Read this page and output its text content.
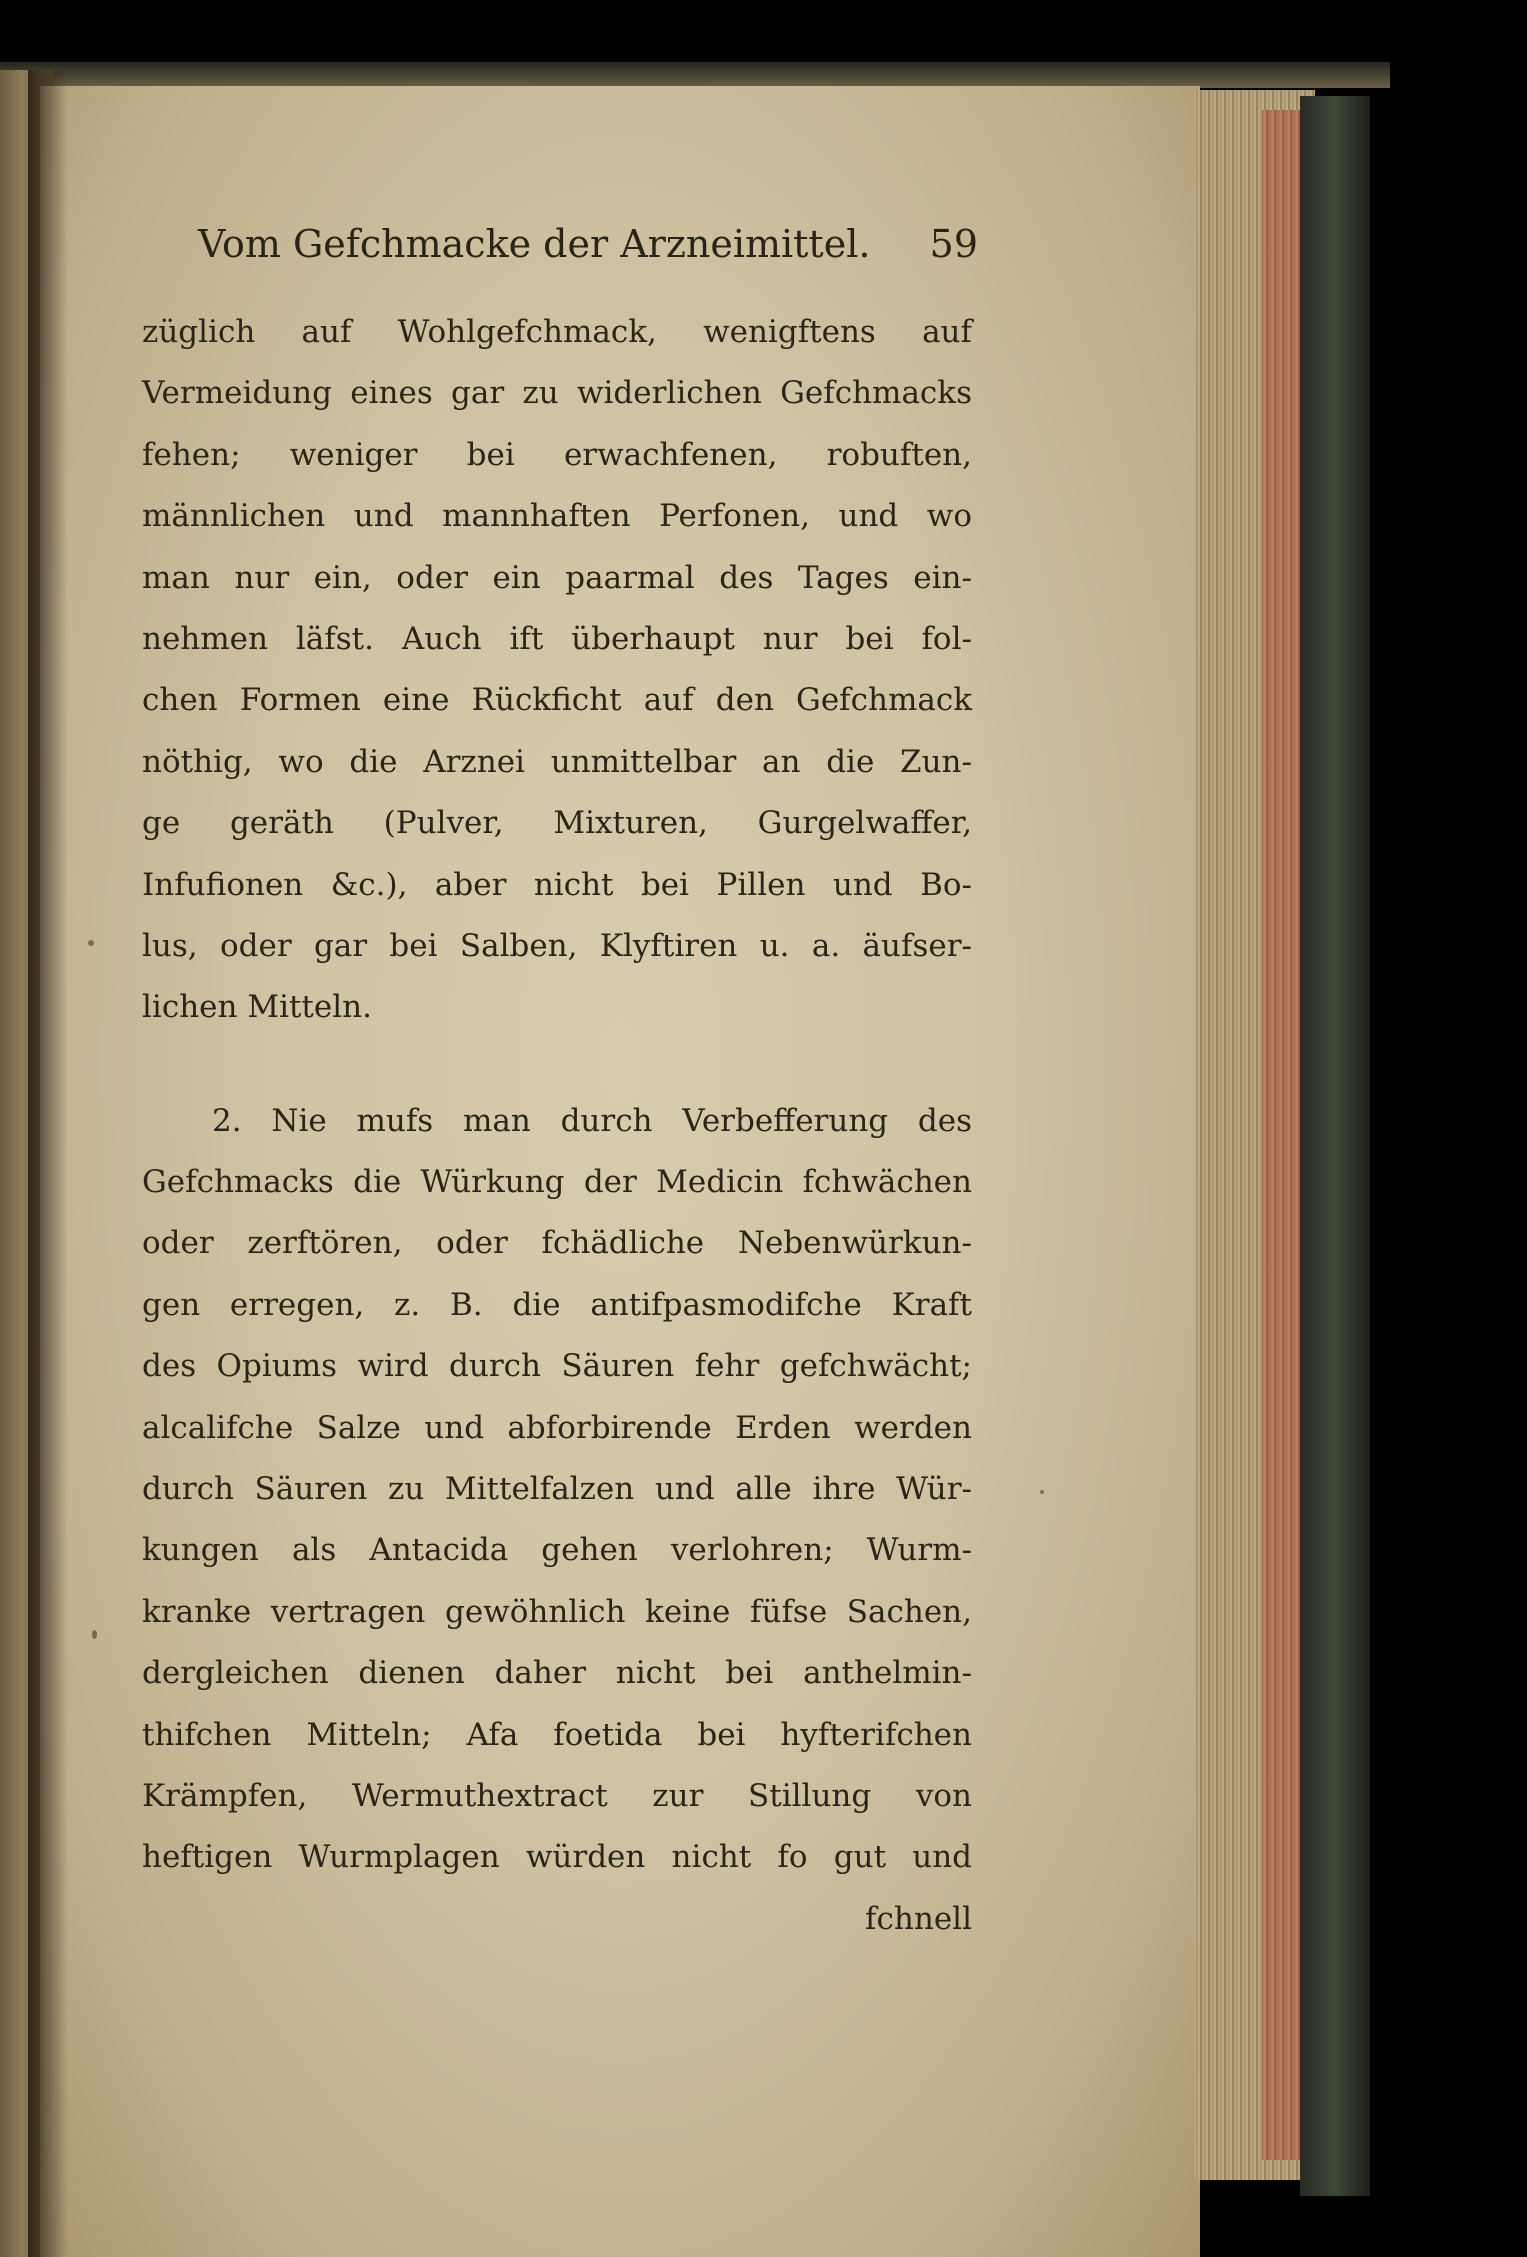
Vom Gefchmacke der Arzneimittel. 59
züglich auf Wohlgefchmack, wenigftens auf
Vermeidung eines gar zu widerlichen Gefchmacks
fehen; weniger bei erwachfenen, robuften,
männlichen und mannhaften Perfonen, und wo
man nur ein, oder ein paarmal des Tages ein-
nehmen läfst. Auch ift überhaupt nur bei fol-
chen Formen eine Rückficht auf den Gefchmack
nöthig, wo die Arznei unmittelbar an die Zun-
ge geräth (Pulver, Mixturen, Gurgelwaffer,
Infufionen &c.), aber nicht bei Pillen und Bo-
lus, oder gar bei Salben, Klyftiren u. a. äufser-
lichen Mitteln.
2. Nie mufs man durch Verbefferung des
Gefchmacks die Würkung der Medicin fchwächen
oder zerftören, oder fchädliche Nebenwürkun-
gen erregen, z. B. die antifpasmodifche Kraft
des Opiums wird durch Säuren fehr gefchwächt;
alcalifche Salze und abforbirende Erden werden
durch Säuren zu Mittelfalzen und alle ihre Wür-
kungen als Antacida gehen verlohren; Wurm-
kranke vertragen gewöhnlich keine füfse Sachen,
dergleichen dienen daher nicht bei anthelmin-
thifchen Mitteln; Afa foetida bei hyfterifchen
Krämpfen, Wermuthextract zur Stillung von
heftigen Wurmplagen würden nicht fo gut und
fchnell
